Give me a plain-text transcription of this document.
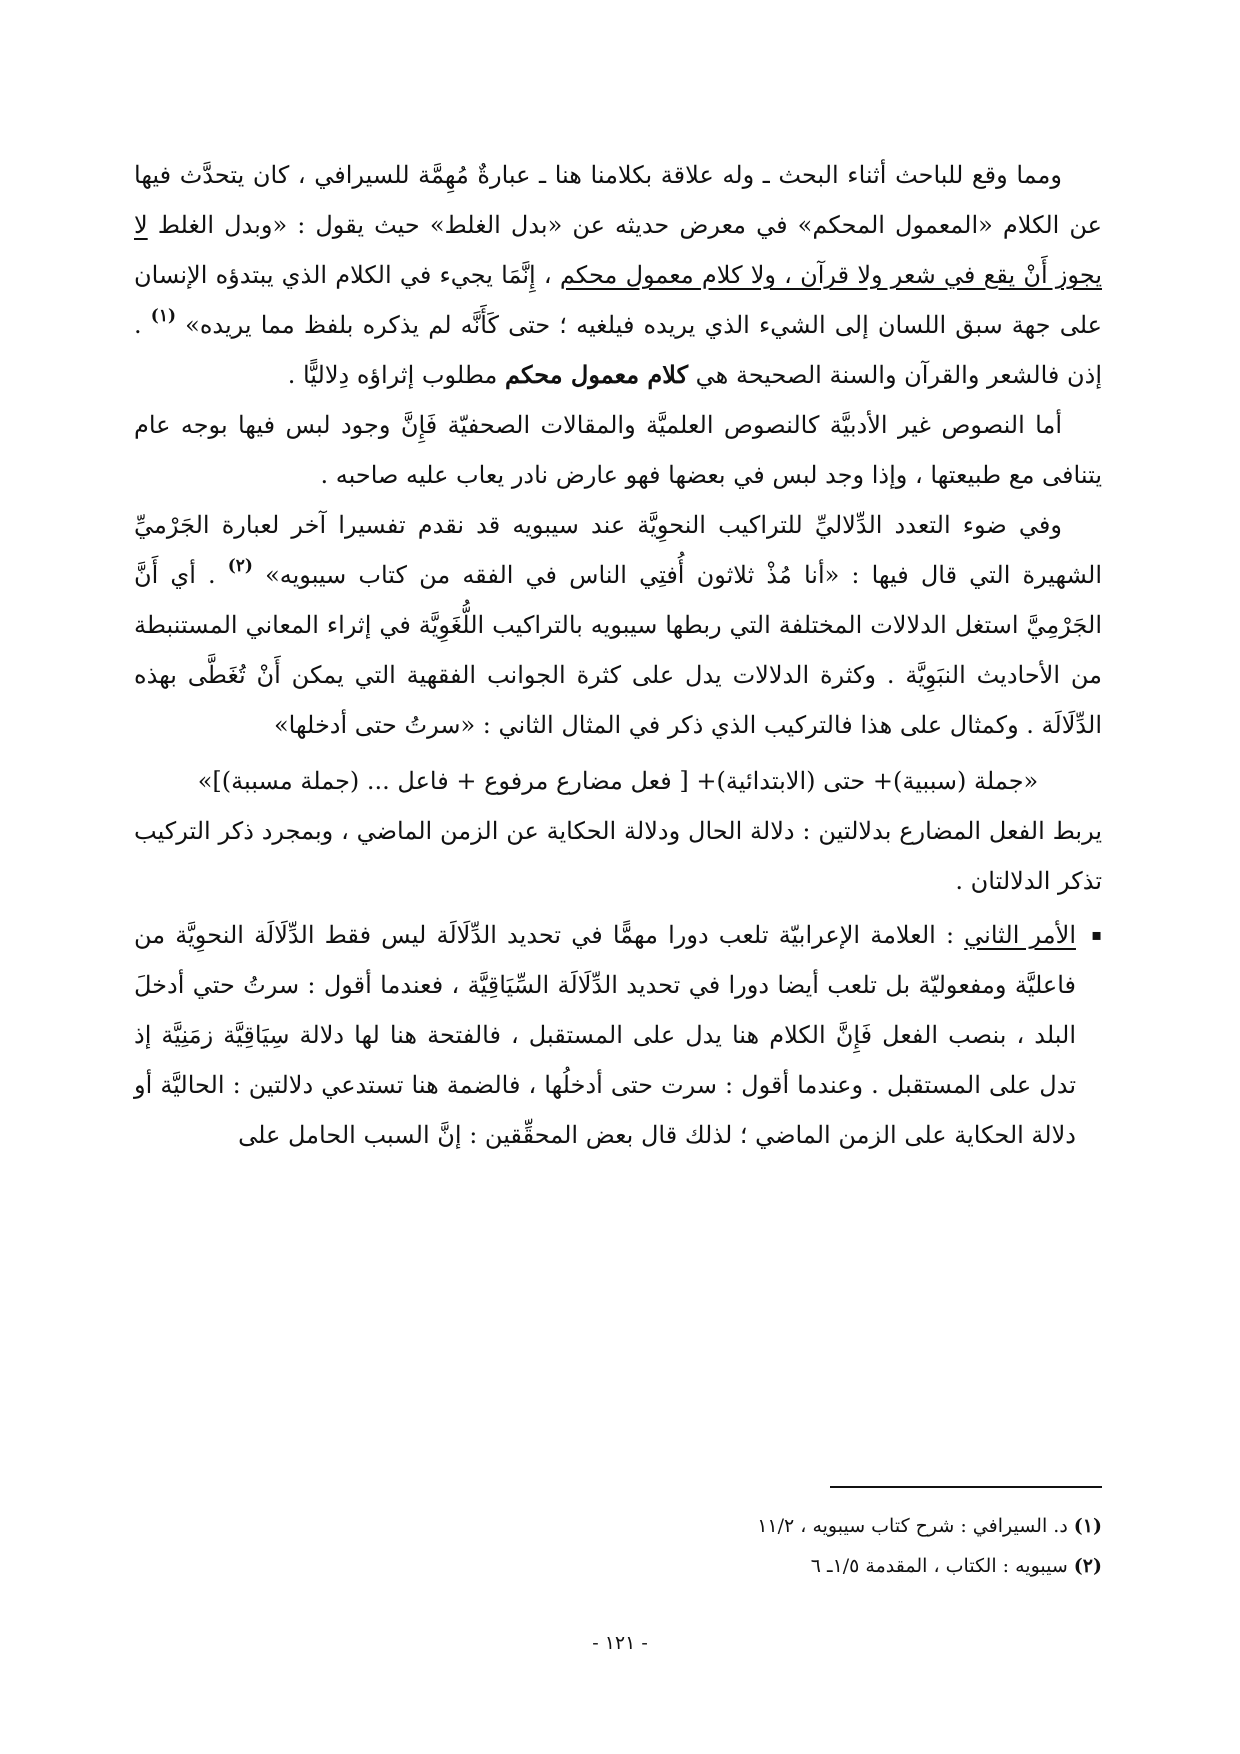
ومما وقع للباحث أثناء البحث ـ وله علاقة بكلامنا هنا ـ عبارةٌ مُهِمَّة للسيرافي ، كان يتحدَّث فيها عن الكلام «المعمول المحكم» في معرض حديثه عن «بدل الغلط» حيث يقول : «وبدل الغلط لا يجوز أَنْ يقع في شعر ولا قرآن ، ولا كلام معمول محكم ، إِنَّمَا يجيء في الكلام الذي يبتدؤه الإنسان على جهة سبق اللسان إلى الشيء الذي يريده فيلغيه ؛ حتى كَأَنَّه لم يذكره بلفظ مما يريده» $^{(١)}$ . إذن فالشعر والقرآن والسنة الصحيحة هي كلام معمول محكم مطلوب إثراؤه دِلاليًّا .

أما النصوص غير الأدبيَّة كالنصوص العلميَّة والمقالات الصحفيّة فَإِنَّ وجود لبس فيها بوجه عام يتنافى مع طبيعتها ، وإذا وجد لبس في بعضها فهو عارض نادر يعاب عليه صاحبه .

وفي ضوء التعدد الدِّلاليِّ للتراكيب النحوِيَّة عند سيبويه قد نقدم تفسيرا آخر لعبارة الجَرْميِّ الشهيرة التي قال فيها : «أنا مُذْ ثلاثون أُفتِي الناس في الفقه من كتاب سيبويه» $^{(٢)}$ . أي أَنَّ الجَرْمِيَّ استغل الدلالات المختلفة التي ربطها سيبويه بالتراكيب اللُّغَوِيَّة في إثراء المعاني المستنبطة من الأحاديث النبَوِيَّة . وكثرة الدلالات يدل على كثرة الجوانب الفقهية التي يمكن أَنْ تُغَطَّى بهذه الدِّلَالَة . وكمثال على هذا فالتركيب الذي ذكر في المثال الثاني : «سرتُ حتى أدخلها»

«جملة (سببية)+ حتى (الابتدائية)+ [ فعل مضارع مرفوع + فاعل ... (جملة مسببة)]»

يربط الفعل المضارع بدلالتين : دلالة الحال ودلالة الحكاية عن الزمن الماضي ، وبمجرد ذكر التركيب تذكر الدلالتان .

▪
الأمر الثاني : العلامة الإعرابيّة تلعب دورا مهمًّا في تحديد الدِّلَالَة ليس فقط الدِّلَالَة النحوِيَّة من فاعليَّة ومفعوليّة بل تلعب أيضا دورا في تحديد الدِّلَالَة السِّيَاقِيَّة ، فعندما أقول : سرتُ حتي أدخلَ البلد ، بنصب الفعل فَإِنَّ الكلام هنا يدل على المستقبل ، فالفتحة هنا لها دلالة سِيَاقِيَّة زمَنِيَّة إذ تدل على المستقبل . وعندما أقول : سرت حتى أدخلُها ، فالضمة هنا تستدعي دلالتين : الحاليَّة أو دلالة الحكاية على الزمن الماضي ؛ لذلك قال بعض المحقِّقين : إنَّ السبب الحامل على

(١)د. السيرافي : شرح كتاب سيبويه ، ١١/٢
(٢)سيبويه : الكتاب ، المقدمة ١/٥ـ ٦
- ١٢١ -
